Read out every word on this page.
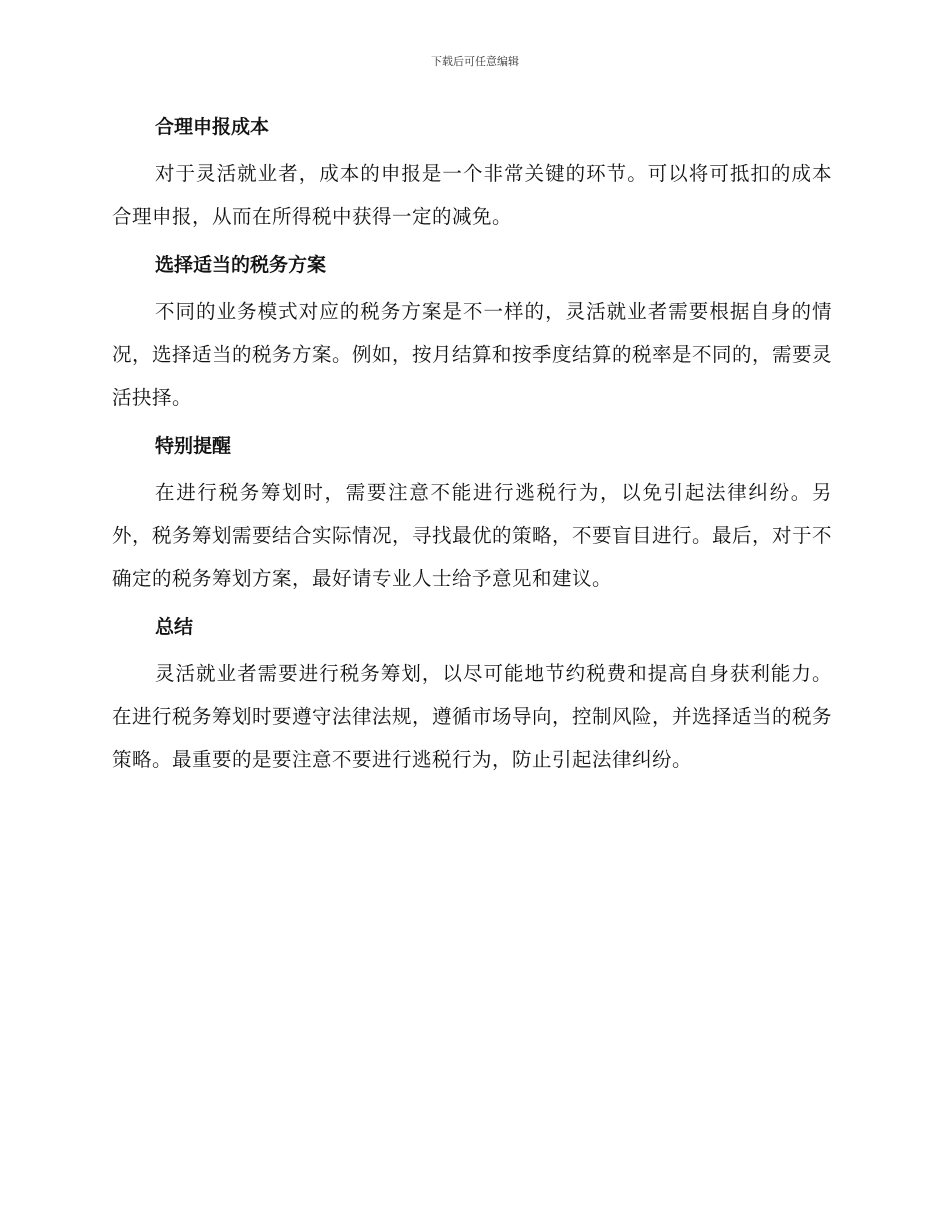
下载后可任意编辑
合理申报成本

对于灵活就业者，成本的申报是一个非常关键的环节。可以将可抵扣的成本合理申报，从而在所得税中获得一定的减免。

选择适当的税务方案

不同的业务模式对应的税务方案是不一样的，灵活就业者需要根据自身的情况，选择适当的税务方案。例如，按月结算和按季度结算的税率是不同的，需要灵活抉择。

特别提醒

在进行税务筹划时，需要注意不能进行逃税行为，以免引起法律纠纷。另外，税务筹划需要结合实际情况，寻找最优的策略，不要盲目进行。最后，对于不确定的税务筹划方案，最好请专业人士给予意见和建议。

总结

灵活就业者需要进行税务筹划，以尽可能地节约税费和提高自身获利能力。在进行税务筹划时要遵守法律法规，遵循市场导向，控制风险，并选择适当的税务策略。最重要的是要注意不要进行逃税行为，防止引起法律纠纷。
